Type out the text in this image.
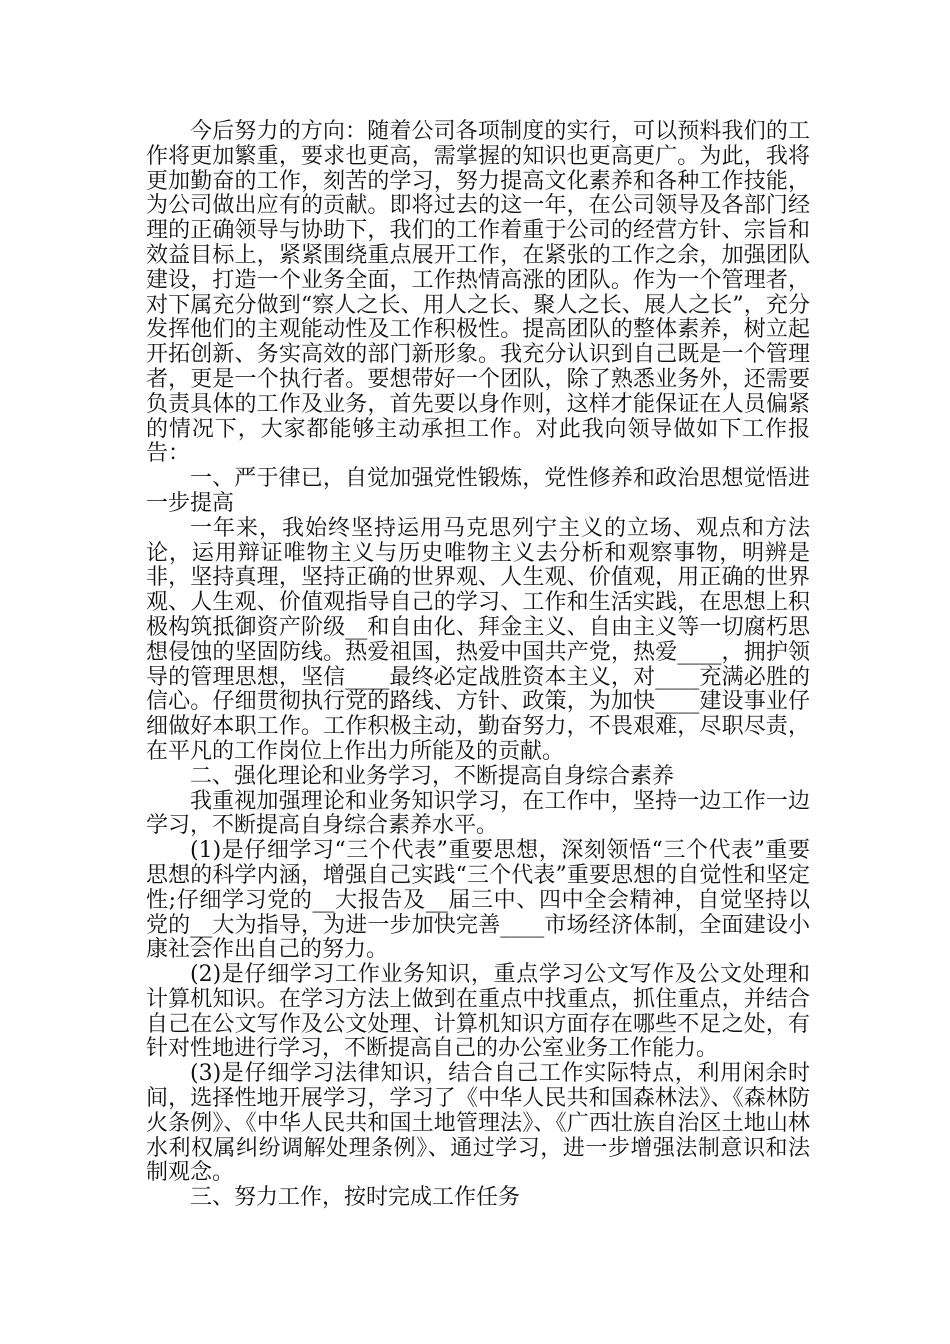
今后努力的方向：随着公司各项制度的实行，可以预料我们的工作将更加繁重，要求也更高，需掌握的知识也更高更广。为此，我将更加勤奋的工作，刻苦的学习，努力提高文化素养和各种工作技能，为公司做出应有的贡献。即将过去的这一年，在公司领导及各部门经理的正确领导与协助下，我们的工作着重于公司的经营方针、宗旨和效益目标上，紧紧围绕重点展开工作，在紧张的工作之余，加强团队建设，打造一个业务全面，工作热情高涨的团队。作为一个管理者，对下属充分做到“察人之长、用人之长、聚人之长、展人之长”，充分发挥他们的主观能动性及工作积极性。提高团队的整体素养，树立起开拓创新、务实高效的部门新形象。我充分认识到自己既是一个管理者，更是一个执行者。要想带好一个团队，除了熟悉业务外，还需要负责具体的工作及业务，首先要以身作则，这样才能保证在人员偏紧的情况下，大家都能够主动承担工作。对此我向领导做如下工作报告：

一、严于律已，自觉加强党性锻炼，党性修养和政治思想觉悟进一步提高

一年来，我始终坚持运用马克思列宁主义的立场、观点和方法论，运用辩证唯物主义与历史唯物主义去分析和观察事物，明辨是非，坚持真理，坚持正确的世界观、人生观、价值观，用正确的世界观、人生观、价值观指导自己的学习、工作和生活实践，在思想上积极构筑抵御资产阶级__和自由化、拜金主义、自由主义等一切腐朽思想侵蚀的坚固防线。热爱祖国，热爱中国共产党，热爱____，拥护领导的管理思想，坚信____最终必定战胜资本主义，对____充满必胜的信心。仔细贯彻执行党的路线、方针、政策，为加快____建设事业仔细做好本职工作。工作积极主动，勤奋努力，不畏艰难，尽职尽责，在平凡的工作岗位上作出力所能及的贡献。

二、强化理论和业务学习，不断提高自身综合素养

我重视加强理论和业务知识学习，在工作中，坚持一边工作一边学习，不断提高自身综合素养水平。

(1)是仔细学习“三个代表”重要思想，深刻领悟“三个代表”重要思想的科学内涵，增强自己实践“三个代表”重要思想的自觉性和坚定性;仔细学习党的__大报告及__届三中、四中全会精神，自觉坚持以党的__大为指导，为进一步加快完善____市场经济体制，全面建设小康社会作出自己的努力。

(2)是仔细学习工作业务知识，重点学习公文写作及公文处理和计算机知识。在学习方法上做到在重点中找重点，抓住重点，并结合自己在公文写作及公文处理、计算机知识方面存在哪些不足之处，有针对性地进行学习，不断提高自己的办公室业务工作能力。

(3)是仔细学习法律知识，结合自己工作实际特点，利用闲余时间，选择性地开展学习，学习了《中华人民共和国森林法》、《森林防火条例》、《中华人民共和国土地管理法》、《广西壮族自治区土地山林水利权属纠纷调解处理条例》、通过学习，进一步增强法制意识和法制观念。

三、努力工作，按时完成工作任务
